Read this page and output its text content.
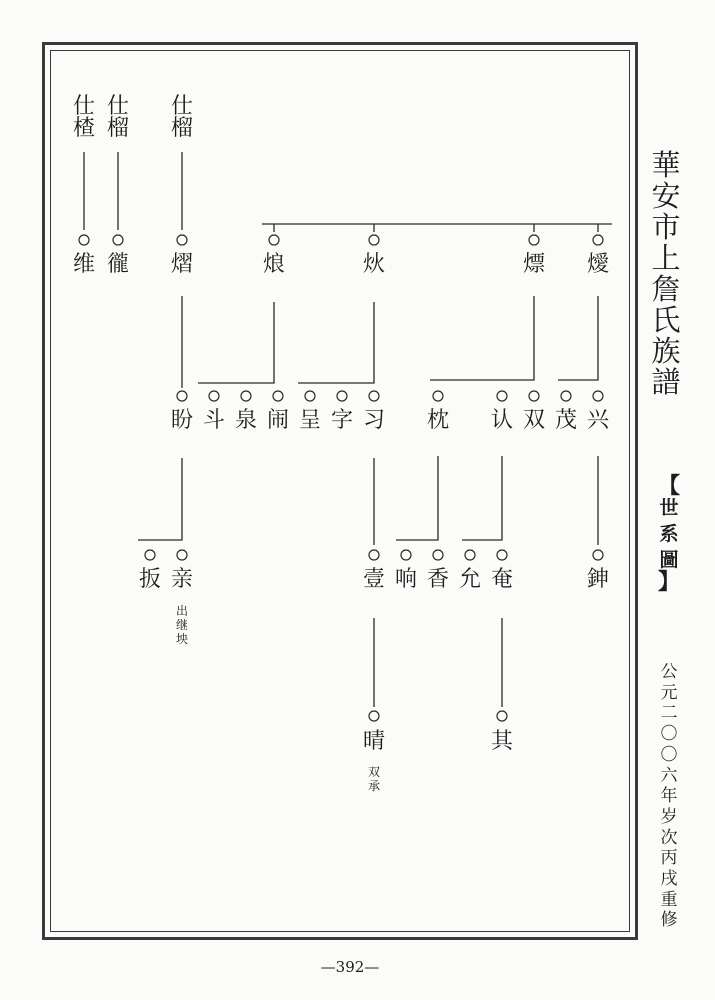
仕
楂
仕
榴
仕
榴
维 徿 熠	烺	炏	熛 燰
盼 斗 泉 闹 呈 字 习 枕 认 双 茂 兴
扳 亲	壹 响 香 允 奄	鉮
出
继
坱
晴	其
双
承
華
安
市
上
詹
氏
族
譜
【
世
系
圖
】
公
元
二
〇
〇
六
年
岁
次
丙
戌
重
修
—392—
